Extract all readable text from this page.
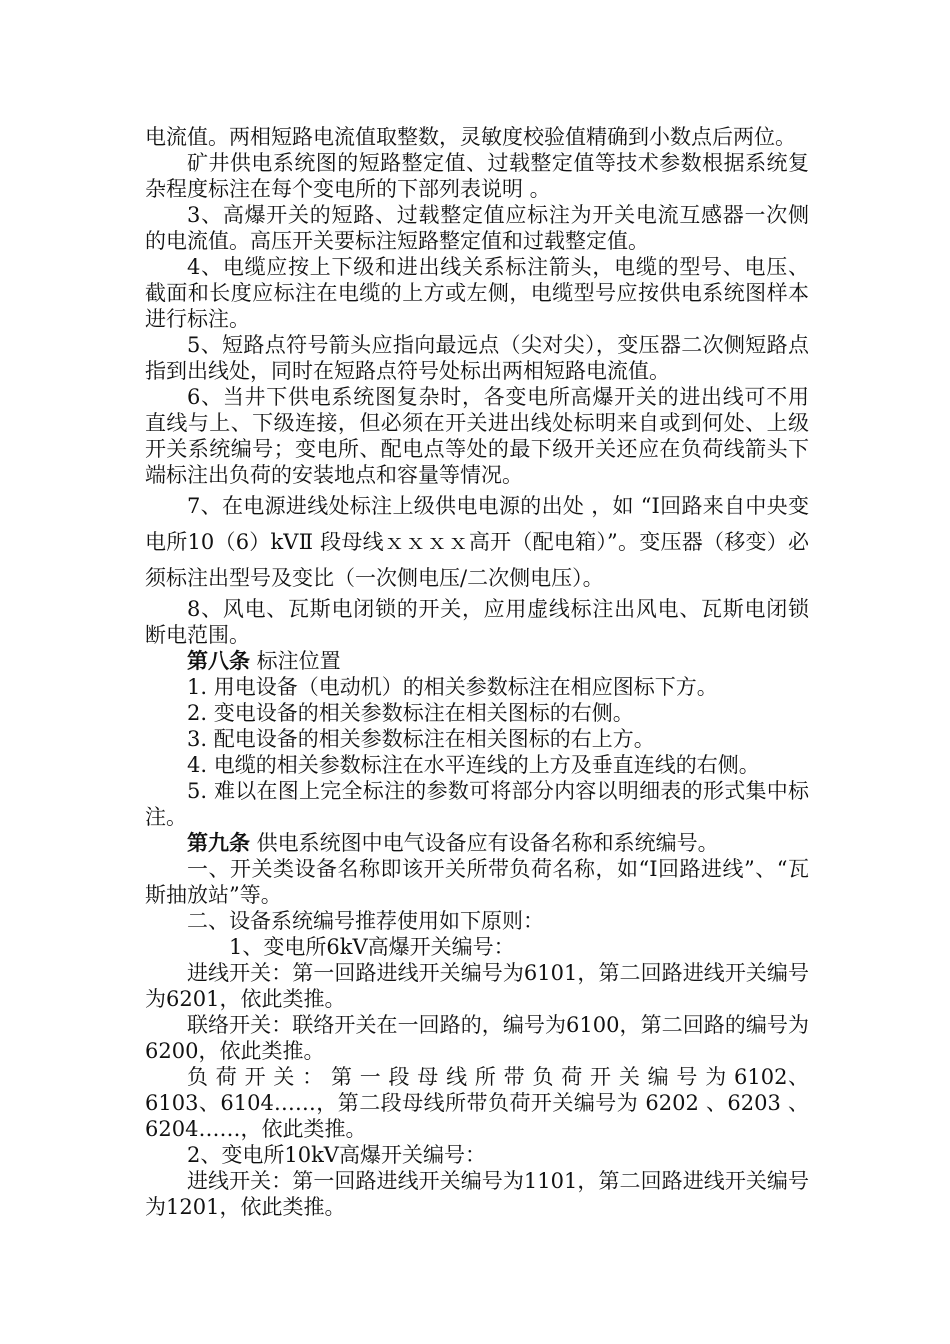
电流值。两相短路电流值取整数，灵敏度校验值精确到小数点后两位。

矿井供电系统图的短路整定值、过载整定值等技术参数根据系统复杂程度标注在每个变电所的下部列表说明 。

3、高爆开关的短路、过载整定值应标注为开关电流互感器一次侧的电流值。高压开关要标注短路整定值和过载整定值。

4、电缆应按上下级和进出线关系标注箭头，电缆的型号、电压、截面和长度应标注在电缆的上方或左侧，电缆型号应按供电系统图样本进行标注。

5、短路点符号箭头应指向最远点（尖对尖），变压器二次侧短路点指到出线处，同时在短路点符号处标出两相短路电流值。

6、当井下供电系统图复杂时，各变电所高爆开关的进出线可不用直线与上、下级连接，但必须在开关进出线处标明来自或到何处、上级开关系统编号；变电所、配电点等处的最下级开关还应在负荷线箭头下端标注出负荷的安装地点和容量等情况。

7、在电源进线处标注上级供电电源的出处 ，如 “I回路来自中央变电所10（6）kVⅡ 段母线ｘｘｘｘ高开（配电箱）”。变压器（移变）必须标注出型号及变比（一次侧电压/二次侧电压）。

8、风电、瓦斯电闭锁的开关，应用虚线标注出风电、瓦斯电闭锁断电范围。

第八条 标注位置

1. 用电设备（电动机）的相关参数标注在相应图标下方。

2. 变电设备的相关参数标注在相关图标的右侧。

3. 配电设备的相关参数标注在相关图标的右上方。

4. 电缆的相关参数标注在水平连线的上方及垂直连线的右侧。

5. 难以在图上完全标注的参数可将部分内容以明细表的形式集中标注。

第九条 供电系统图中电气设备应有设备名称和系统编号。

一、开关类设备名称即该开关所带负荷名称，如“I回路进线”、“瓦斯抽放站”等。

二、设备系统编号推荐使用如下原则：

1、变电所6kV高爆开关编号：

进线开关：第一回路进线开关编号为6101，第二回路进线开关编号为6201，依此类推。

联络开关：联络开关在一回路的，编号为6100，第二回路的编号为6200，依此类推。

负 荷 开 关 ： 第 一 段 母 线 所 带 负 荷 开 关 编 号 为 6102、6103、6104……，第二段母线所带负荷开关编号为 6202 、6203 、6204……，依此类推。

2、变电所10kV高爆开关编号：

进线开关：第一回路进线开关编号为1101，第二回路进线开关编号为1201，依此类推。
